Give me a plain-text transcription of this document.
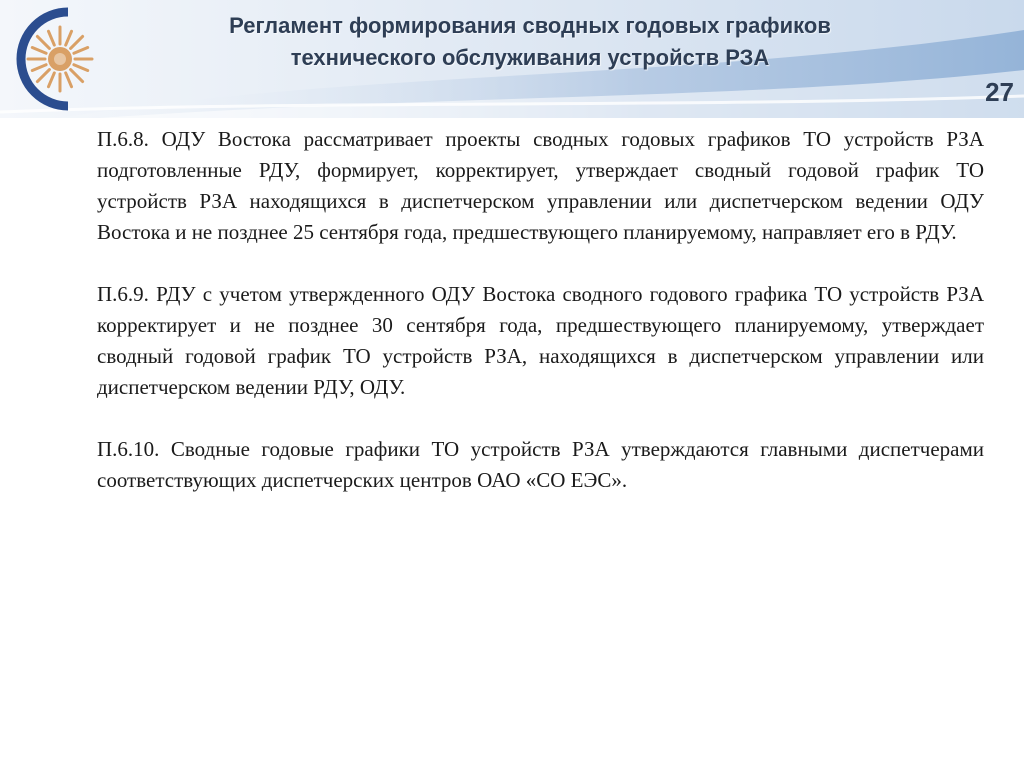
Регламент формирования сводных годовых графиков
технического обслуживания устройств РЗА
27

П.6.8. ОДУ Востока рассматривает проекты сводных годовых графиков ТО устройств РЗА подготовленные РДУ, формирует, корректирует, утверждает сводный годовой график ТО устройств РЗА находящихся в диспетчерском управлении или диспетчерском ведении ОДУ Востока и не позднее 25 сентября года, предшествующего планируемому, направляет его в РДУ.

П.6.9. РДУ с учетом утвержденного ОДУ Востока сводного годового графика ТО устройств РЗА корректирует и не позднее 30 сентября года, предшествующего планируемому, утверждает сводный годовой график ТО устройств РЗА, находящихся в диспетчерском управлении или диспетчерском ведении РДУ, ОДУ.

П.6.10. Сводные годовые графики ТО устройств РЗА утверждаются главными диспетчерами соответствующих диспетчерских центров ОАО «СО ЕЭС».
